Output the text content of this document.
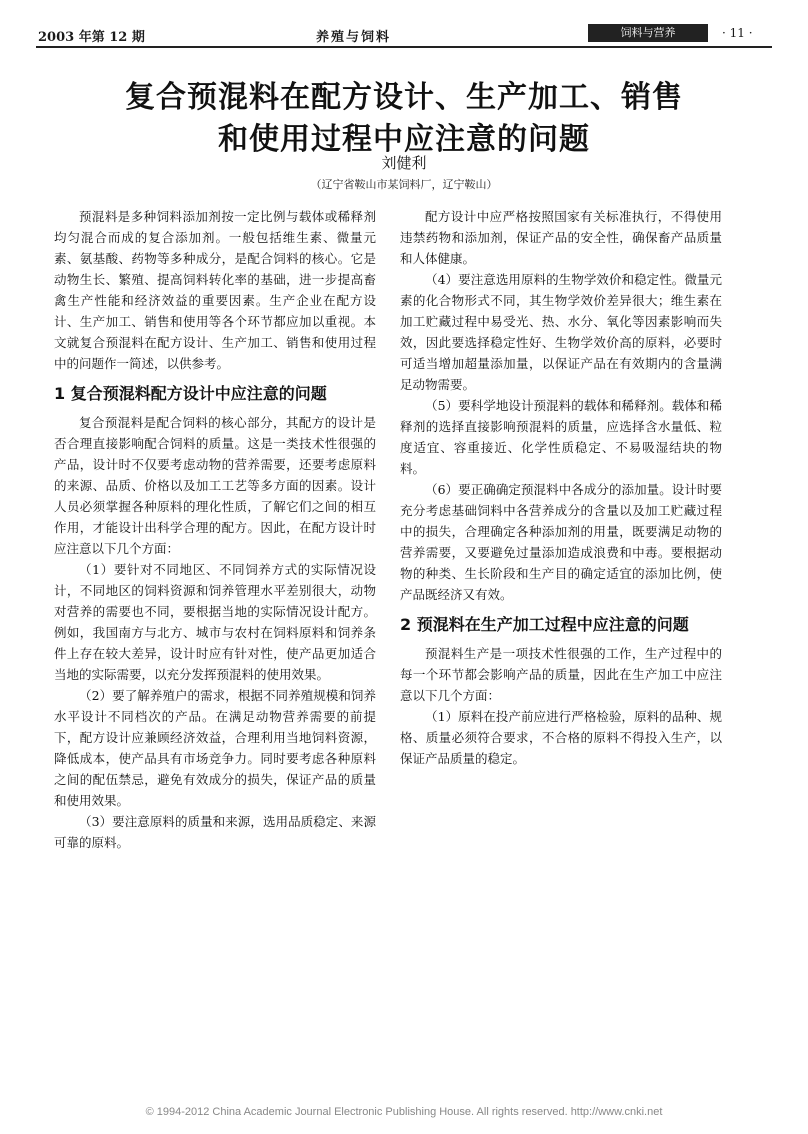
2003 年第 12 期	养殖与饲料	饲料与营养	· 11 ·
复合预混料在配方设计、生产加工、销售
和使用过程中应注意的问题
刘健利
（辽宁省鞍山市某饲料厂，辽宁鞍山）

预混料是多种饲料添加剂按一定比例与载体或稀释剂均匀混合而成的复合添加剂。一般包括维生素、微量元素、氨基酸、药物等多种成分，是配合饲料的核心。它是动物生长、繁殖、提高饲料转化率的基础，进一步提高畜禽生产性能和经济效益的重要因素。生产企业在配方设计、生产加工、销售和使用等各个环节都应加以重视。本文就复合预混料在配方设计、生产加工、销售和使用过程中的问题作一简述，以供参考。

1 复合预混料配方设计中应注意的问题

复合预混料是配合饲料的核心部分，其配方的设计是否合理直接影响配合饲料的质量。这是一类技术性很强的产品，设计时不仅要考虑动物的营养需要，还要考虑原料的来源、品质、价格以及加工工艺等多方面的因素。设计人员必须掌握各种原料的理化性质，了解它们之间的相互作用，才能设计出科学合理的配方。因此，在配方设计时应注意以下几个方面：

（1）要针对不同地区、不同饲养方式的实际情况设计，不同地区的饲料资源和饲养管理水平差别很大，动物对营养的需要也不同，要根据当地的实际情况设计配方。例如，我国南方与北方、城市与农村在饲料原料和饲养条件上存在较大差异，设计时应有针对性，使产品更加适合当地的实际需要，以充分发挥预混料的使用效果。

（2）要了解养殖户的需求，根据不同养殖规模和饲养水平设计不同档次的产品。在满足动物营养需要的前提下，配方设计应兼顾经济效益，合理利用当地饲料资源，降低成本，使产品具有市场竞争力。同时要考虑各种原料之间的配伍禁忌，避免有效成分的损失，保证产品的质量和使用效果。

（3）要注意原料的质量和来源，选用品质稳定、来源可靠的原料。

配方设计中应严格按照国家有关标准执行，不得使用违禁药物和添加剂，保证产品的安全性，确保畜产品质量和人体健康。

（4）要注意选用原料的生物学效价和稳定性。微量元素的化合物形式不同，其生物学效价差异很大；维生素在加工贮藏过程中易受光、热、水分、氧化等因素影响而失效，因此要选择稳定性好、生物学效价高的原料，必要时可适当增加超量添加量，以保证产品在有效期内的含量满足动物需要。

（5）要科学地设计预混料的载体和稀释剂。载体和稀释剂的选择直接影响预混料的质量，应选择含水量低、粒度适宜、容重接近、化学性质稳定、不易吸湿结块的物料。

（6）要正确确定预混料中各成分的添加量。设计时要充分考虑基础饲料中各营养成分的含量以及加工贮藏过程中的损失，合理确定各种添加剂的用量，既要满足动物的营养需要，又要避免过量添加造成浪费和中毒。要根据动物的种类、生长阶段和生产目的确定适宜的添加比例，使产品既经济又有效。

2 预混料在生产加工过程中应注意的问题

预混料生产是一项技术性很强的工作，生产过程中的每一个环节都会影响产品的质量，因此在生产加工中应注意以下几个方面：

（1）原料在投产前应进行严格检验，原料的品种、规格、质量必须符合要求，不合格的原料不得投入生产，以保证产品质量的稳定。

© 1994-2012 China Academic Journal Electronic Publishing House. All rights reserved. http://www.cnki.net
